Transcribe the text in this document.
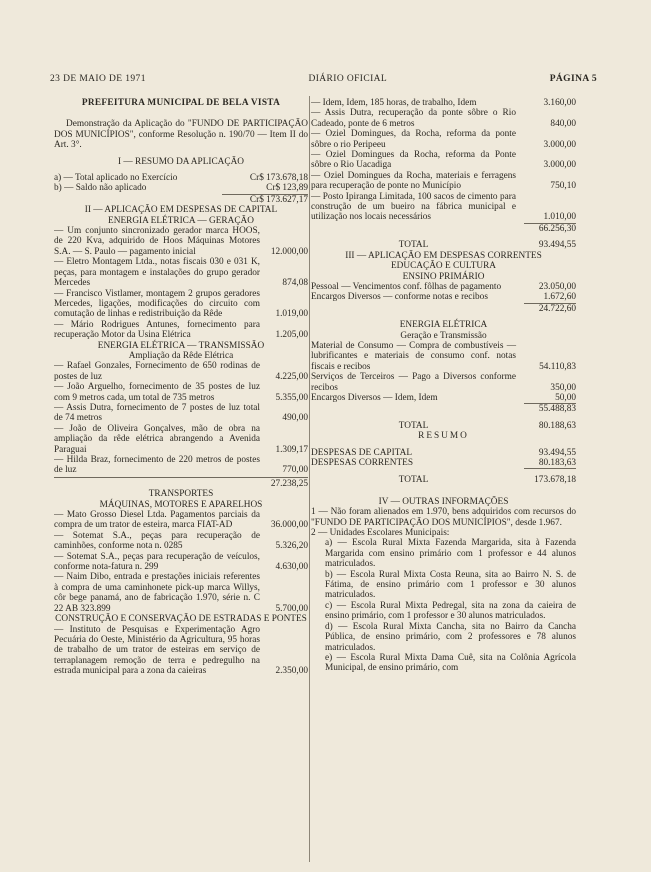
23 DE MAIO DE 1971	DIÁRIO OFICIAL	PÁGINA 5
PREFEITURA MUNICIPAL DE BELA VISTA
Demonstração da Aplicação do "FUNDO DE PARTICIPAÇÃO DOS MUNICÍPIOS", conforme Resolução n. 190/70 — Item II do Art. 3°.
I — RESUMO DA APLICAÇÃO
a) — Total aplicado no Exercício	Cr$ 173.678,18
b) — Saldo não aplicado	Cr$ 123,89
Cr$ 173.627,17
II — APLICAÇÃO EM DESPESAS DE CAPITAL
ENERGIA ELÉTRICA — GERAÇÃO
— Um conjunto sincronizado gerador marca HOOS, de 220 Kva, adquirido de Hoos Máquinas Motores S.A. — S. Paulo — pagamento inicial	12.000,00
— Eletro Montagem Ltda., notas fiscais 030 e 031 K, peças, para montagem e instalações do grupo gerador Mercedes	874,08
— Francisco Vistlamer, montagem 2 grupos geradores Mercedes, ligações, modificações do circuito com comutação de linhas e redistribuição da Rêde	1.019,00
— Mário Rodrigues Antunes, fornecimento para recuperação Motor da Usina Elétrica	1.205,00
ENERGIA ELÉTRICA — TRANSMISSÃO
Ampliação da Rêde Elétrica
— Rafael Gonzales, Fornecimento de 650 rodinas de postes de luz	4.225,00
— João Arguelho, fornecimento de 35 postes de luz com 9 metros cada, um total de 735 metros	5.355,00
— Assis Dutra, fornecimento de 7 postes de luz total de 74 metros	490,00
— João de Oliveira Gonçalves, mão de obra na ampliação da rêde elétrica abrangendo a Avenida Paraguai	1.309,17
— Hilda Braz, fornecimento de 220 metros de postes de luz	770,00
27.238,25
TRANSPORTES
MÁQUINAS, MOTORES E APARELHOS
— Mato Grosso Diesel Ltda. Pagamentos parciais da compra de um trator de esteira, marca FIAT-AD	36.000,00
— Sotemat S.A., peças para recuperação de caminhões, conforme nota n. 0285	5.326,20
— Sotemat S.A., peças para recuperação de veículos, conforme nota-fatura n. 299	4.630,00
— Naim Dibo, entrada e prestações iniciais referentes à compra de uma caminhonete pick-up marca Willys, côr bege panamá, ano de fabricação 1.970, série n. C 22 AB 323.899	5.700,00
CONSTRUÇÃO E CONSERVAÇÃO DE ESTRADAS E PONTES
— Instituto de Pesquisas e Experimentação Agro Pecuária do Oeste, Ministério da Agricultura, 95 horas de trabalho de um trator de esteiras em serviço de terraplanagem remoção de terra e pedregulho na estrada municipal para a zona da caieiras	2.350,00
— Idem, Idem, 185 horas, de trabalho, Idem	3.160,00
— Assis Dutra, recuperação da ponte sôbre o Rio Cadeado, ponte de 6 metros	840,00
— Oziel Domingues, da Rocha, reforma da ponte sôbre o rio Peripeeu	3.000,00
— Oziel Domingues da Rocha, reforma da Ponte sôbre o Rio Uacadiga	3.000,00
— Oziel Domingues da Rocha, materiais e ferragens para recuperação de ponte no Município	750,10
— Posto Ipiranga Limitada, 100 sacos de cimento para construção de um bueiro na fábrica municipal e utilização nos locais necessários	1.010,00
66.256,30
TOTAL	93.494,55
III — APLICAÇÃO EM DESPESAS CORRENTES
EDUCAÇÃO E CULTURA
ENSINO PRIMÁRIO
Pessoal — Vencimentos conf. fôlhas de pagamento	23.050,00
Encargos Diversos — conforme notas e recibos	1.672,60
24.722,60
ENERGIA ELÉTRICA
Geração e Transmissão
Material de Consumo — Compra de combustíveis — lubrificantes e materiais de consumo conf. notas fiscais e recibos	54.110,83
Serviços de Terceiros — Pago a Diversos conforme recibos	350,00
Encargos Diversos — Idem, Idem	50,00
55.488,83
TOTAL	80.188,63
RESUMO
DESPESAS DE CAPITAL	93.494,55
DESPESAS CORRENTES	80.183,63
TOTAL	173.678,18
IV — OUTRAS INFORMAÇÕES
1 — Não foram alienados em 1.970, bens adquiridos com recursos do "FUNDO DE PARTICIPAÇÃO DOS MUNICÍPIOS", desde 1.967.
2 — Unidades Escolares Municipais:
a) — Escola Rural Mixta Fazenda Margarida, sita à Fazenda Margarida com ensino primário com 1 professor e 44 alunos matriculados.
b) — Escola Rural Mixta Costa Reuna, sita ao Bairro N. S. de Fátima, de ensino primário com 1 professor e 30 alunos matriculados.
c) — Escola Rural Mixta Pedregal, sita na zona da caieira de ensino primário, com 1 professor e 30 alunos matriculados.
d) — Escola Rural Mixta Cancha, sita no Bairro da Cancha Pública, de ensino primário, com 2 professores e 78 alunos matriculados.
e) — Escola Rural Mixta Dama Cuê, sita na Colônia Agrícola Municipal, de ensino primário, com
